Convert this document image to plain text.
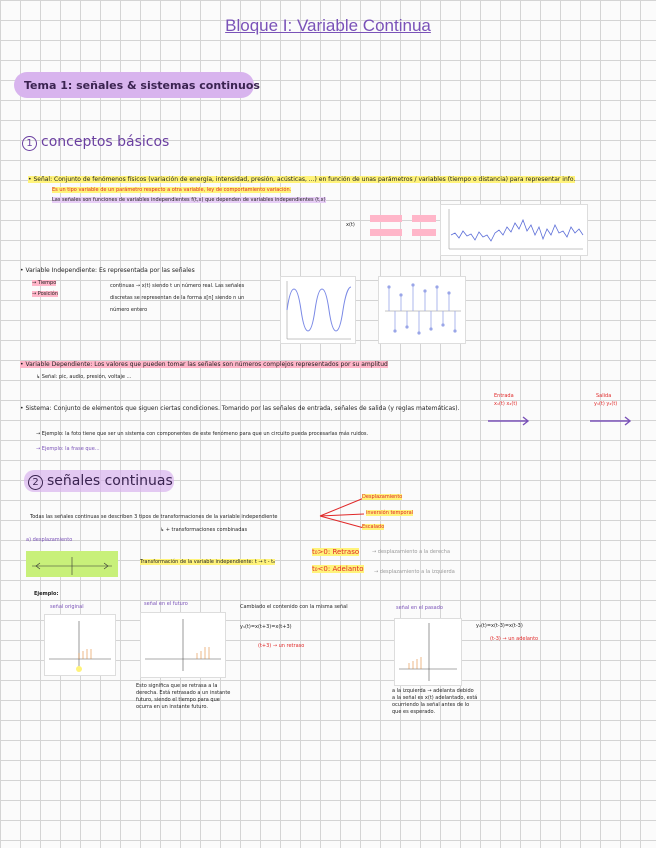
Bloque I: Variable Continua
Tema 1: señales & sistemas continuos
1 conceptos básicos
• Señal: Conjunto de fenómenos físicos (variación de energía, intensidad, presión, acústicas, ...) en función de unas parámetros / variables (tiempo o distancia) para representar info.
Es un tipo variable de un parámetro respecto a otra variable, ley de comportamiento variación.
Las señales son funciones de variables independientes f(t,x) que dependen de variables independientes (t,x)
x(t)
• Variable Independiente: Es representada por las señales
→ Tiempo
→ Posición
continuas → x(t) siendo t un número real. Las señales discretas se representan de la forma x[n] siendo n un número entero
• Variable Dependiente: Los valores que pueden tomar las señales son números complejos representados por su amplitud
↳ Señal: pic, audio, presión, voltaje ...
• Sistema: Conjunto de elementos que siguen ciertas condiciones. Tomando por las señales de entrada, señales de salida (y reglas matemáticas).
→ Ejemplo: la foto tiene que ser un sistema con componentes de este fenómeno para que un circuito pueda procesarlas más ruidos.
→ Ejemplo: la frase que...
Entrada
x₁(t) x₂(t)
Salida
y₁(t) y₂(t)
2 señales continuas
Todas las señales continuas se describen 3 tipos de transformaciones de la variable independiente
↳ + transformaciones combinadas
Desplazamiento
inversión temporal
Escalado
a) desplazamiento
Transformación de la variable independiente: t → t - t₀
t₀>0: Retraso
t₀<0: Adelanto
→ desplazamiento a la derecha
→ desplazamiento a la izquierda
Ejemplo:
señal original	señal en el futuro	Cambiado el contenido con la misma señal	señal en el pasado
y₁(t)=x(t+3)=x(t+3)
(t+3) → un retraso
y₂(t)=x(t-3)=x(t-3)
(t-3) → un adelanto
Esto significa que se retrasa a la derecha. Está retrasado a un instante futuro, siendo el tiempo para que ocurra en un instante futuro.
a la izquierda → adelanta debido a la señal es x(t) adelantado, está ocurriendo la señal antes de lo que es esperado.
